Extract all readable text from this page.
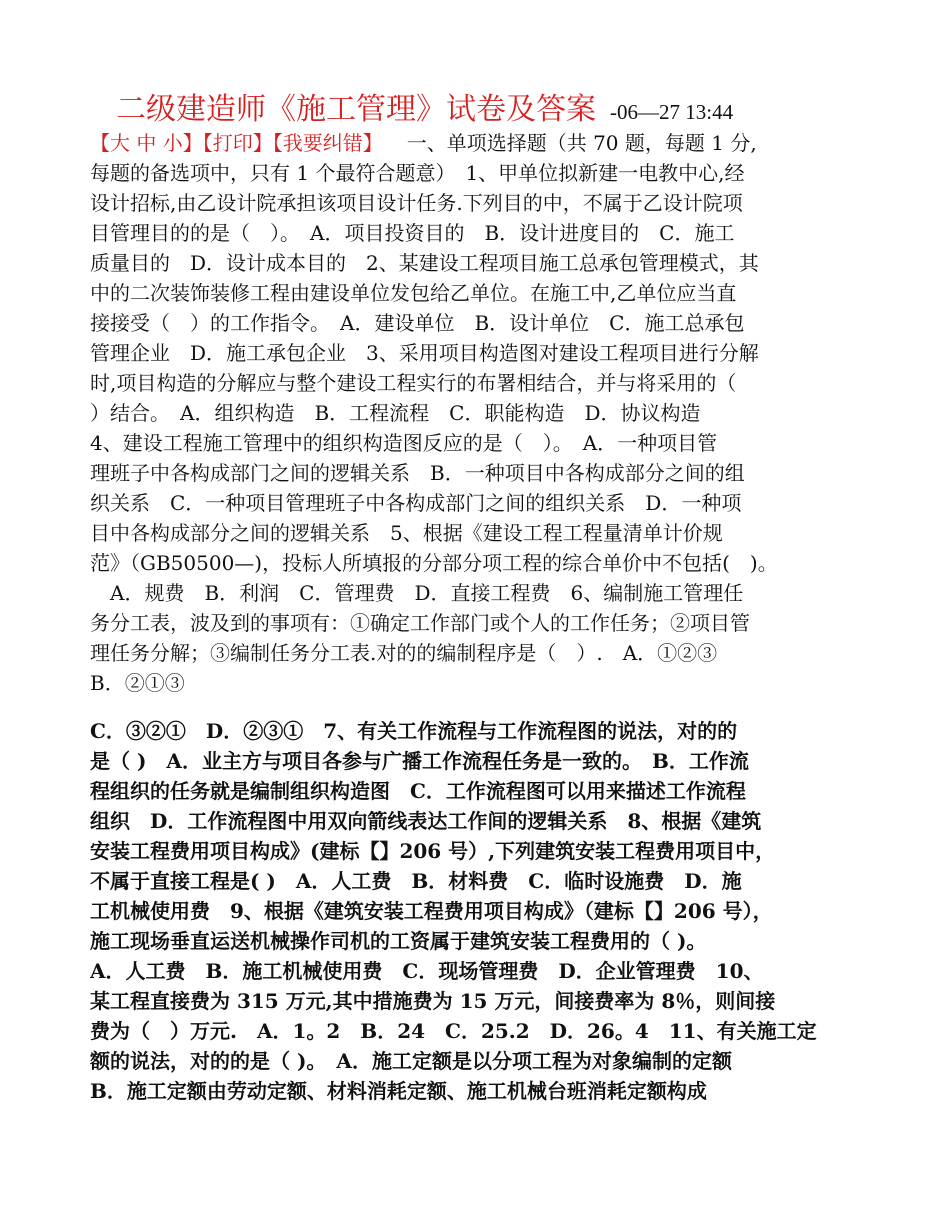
二级建造师《施工管理》试卷及答案 -06—27 13:44
【大 中 小】【打印】【我要纠错】 一、单项选择题（共 70 题，每题 1 分,
每题的备选项中，只有 1 个最符合题意）　1、甲单位拟新建一电教中心,经
设计招标,由乙设计院承担该项目设计任务.下列目的中，不属于乙设计院项
目管理目的的是（　）。　A．项目投资目的　B．设计进度目的　C．施工
质量目的　D．设计成本目的　2、某建设工程项目施工总承包管理模式，其
中的二次装饰装修工程由建设单位发包给乙单位。在施工中,乙单位应当直
接接受（　）的工作指令。　A．建设单位　B．设计单位　C．施工总承包
管理企业　D．施工承包企业　3、采用项目构造图对建设工程项目进行分解
时,项目构造的分解应与整个建设工程实行的布署相结合，并与将采用的（
）结合。　A．组织构造　B．工程流程　C．职能构造　D．协议构造
4、建设工程施工管理中的组织构造图反应的是（　）。　A．一种项目管
理班子中各构成部门之间的逻辑关系　B．一种项目中各构成部分之间的组
织关系　C．一种项目管理班子中各构成部门之间的组织关系　D．一种项
目中各构成部分之间的逻辑关系　5、根据《建设工程工程量清单计价规
范》（GB50500—)，投标人所填报的分部分项工程的综合单价中不包括(　)。
　A．规费　B．利润　C．管理费　D．直接工程费　6、编制施工管理任
务分工表，波及到的事项有：①确定工作部门或个人的工作任务；②项目管
理任务分解；③编制任务分工表.对的的编制程序是（　）.　A．①②③
B．②①③
C．③②①　D．②③①　7、有关工作流程与工作流程图的说法，对的的
是（ )　A．业主方与项目各参与广播工作流程任务是一致的。　B．工作流
程组织的任务就是编制组织构造图　C．工作流程图可以用来描述工作流程
组织　D．工作流程图中用双向箭线表达工作间的逻辑关系　8、根据《建筑
安装工程费用项目构成》(建标【】206 号）,下列建筑安装工程费用项目中，
不属于直接工程是( )　A．人工费　B．材料费　C．临时设施费　D．施
工机械使用费　9、根据《建筑安装工程费用项目构成》（建标【】206 号），
施工现场垂直运送机械操作司机的工资属于建筑安装工程费用的（ )。
A．人工费　B．施工机械使用费　C．现场管理费　D．企业管理费　10、
某工程直接费为 315 万元,其中措施费为 15 万元，间接费率为 8％，则间接
费为（　）万元.　A．1。2　B．24　C．25.2　D．26。4　11、有关施工定
额的说法，对的的是（ )。　A．施工定额是以分项工程为对象编制的定额
B．施工定额由劳动定额、材料消耗定额、施工机械台班消耗定额构成
